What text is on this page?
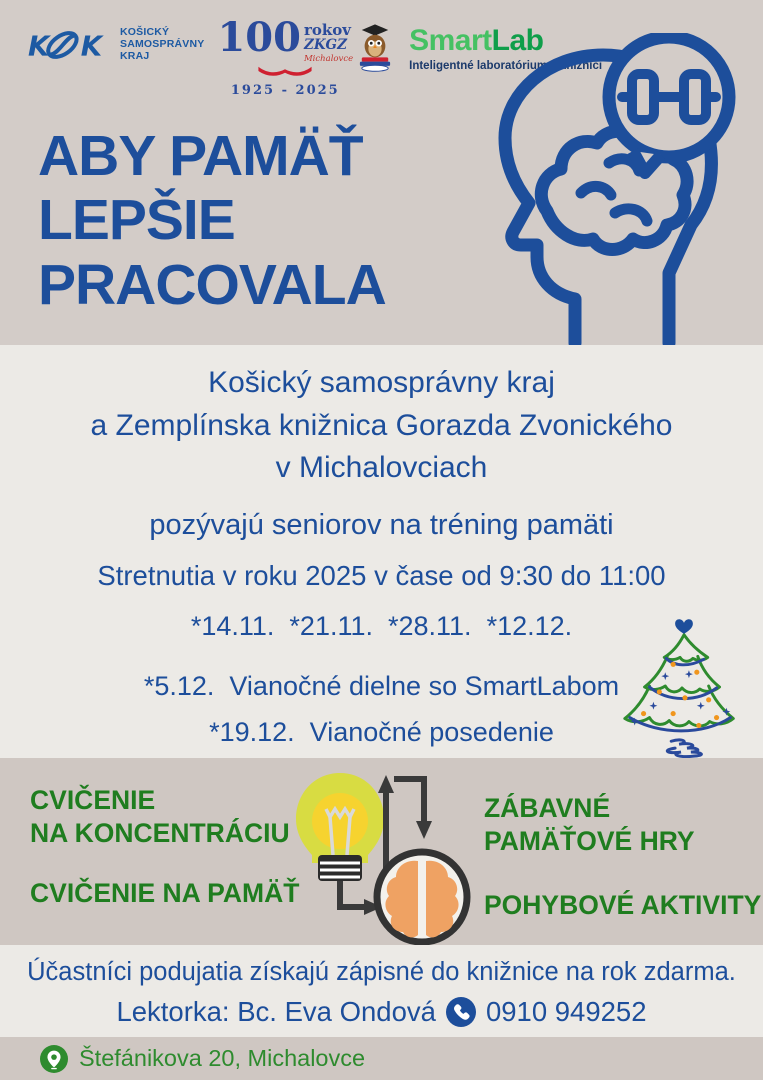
K K KOŠICKÝ
SAMOSPRÁVNY
KRAJ	100 rokov
ZKGZ
Michalovce
1925 - 2025
SmartLab
Inteligentné laboratórium v knižnici
ABY PAMÄŤ
LEPŠIE
PRACOVALA

Košický samosprávny kraj
a Zemplínska knižnica Gorazda Zvonického
v Michalovciach

pozývajú seniorov na tréning pamäti

Stretnutia v roku 2025 v čase od 9:30 do 11:00

*14.11.  *21.11.  *28.11.  *12.12.

*5.12.  Vianočné dielne so SmartLabom

*19.12.  Vianočné posedenie

CVIČENIE
NA KONCENTRÁCIU
CVIČENIE NA PAMÄŤ
ZÁBAVNÉ
PAMÄŤOVÉ HRY
POHYBOVÉ AKTIVITY

Účastníci podujatia získajú zápisné do knižnice na rok zdarma.

Lektorka: Bc. Eva Ondová 0910 949252
Štefánikova 20, Michalovce
